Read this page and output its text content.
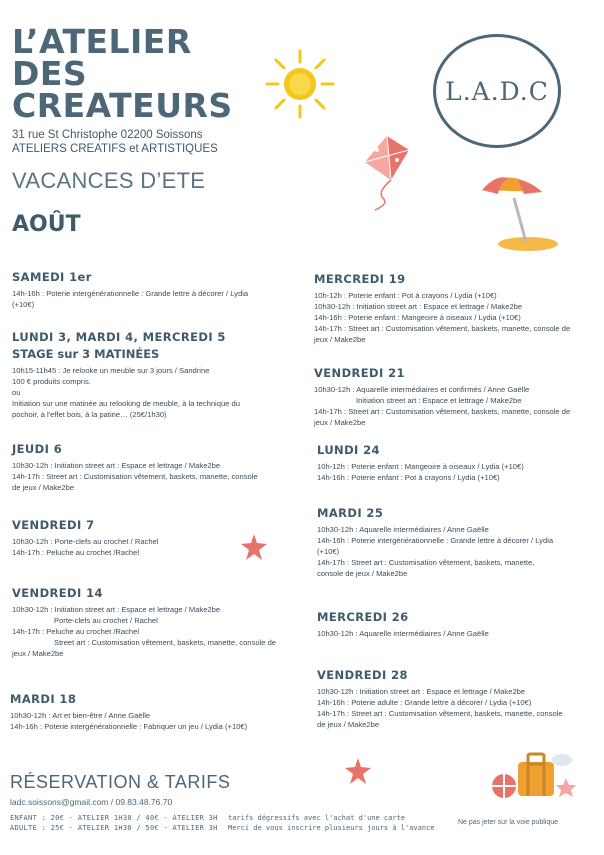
L’ATELIER
DES
CREATEURS
31 rue St Christophe 02200 Soissons
ATELIERS CREATIFS et ARTISTIQUES
VACANCES D’ETE
AOÛT
L.A.D.C
SAMEDI 1er
14h-16h : Poterie intergénérationnelle : Grande lettre à décorer / Lydia
(+10€)
LUNDI 3, MARDI 4, MERCREDI 5
STAGE sur 3 MATINÉES
10h15-11h45 : Je relooke un meuble sur 3 jours / Sandrine
100 € produits compris.
ou
Initiation sur une matinée au relooking de meuble, à la technique du
pochoir, à l'effet bois, à la patine… (25€/1h30)
JEUDI 6
10h30-12h : Initiation street art : Espace et lettrage / Make2be
14h-17h : Street art : Customisation vêtement, baskets, manette, console
de jeux / Make2be
VENDREDI 7
10h30-12h : Porte-clefs au crochet / Rachel
14h-17h : Peluche au crochet /Rachel
VENDREDI 14
10h30-12h : Initiation street art : Espace et lettrage / Make2be
Porte-clefs au crochet / Rachel
14h-17h : Peluche au crochet /Rachel
Street art : Customisation vêtement, baskets, manette, console de
jeux / Make2be
MARDI 18
10h30-12h : Art et bien-être / Anne Gaëlle
14h-16h : Poterie intergénérationnelle : Fabriquer un jeu / Lydia (+10€)
MERCREDI 19
10h-12h : Poterie enfant : Pot à crayons / Lydia (+10€)
10h30-12h : Initiation street art : Espace et lettrage / Make2be
14h-16h : Poterie enfant : Mangeoire à oiseaux / Lydia (+10€)
14h-17h : Street art : Customisation vêtement, baskets, manette, console de
jeux / Make2be
VENDREDI 21
10h30-12h : Aquarelle intermédiaires et confirmés / Anne Gaëlle
Initiation street art : Espace et lettrage / Make2be
14h-17h : Street art : Customisation vêtement, baskets, manette, console de
jeux / Make2be
LUNDI 24
10h-12h : Poterie enfant : Mangeoire à oiseaux / Lydia (+10€)
14h-16h : Poterie enfant : Pot à crayons / Lydia (+10€)
MARDI 25
10h30-12h : Aquarelle intermédiaires / Anne Gaëlle
14h-16h : Poterie intergénérationnelle : Grande lettre à décorer / Lydia
(+10€)
14h-17h : Street art : Customisation vêtement, baskets, manette,
console de jeux / Make2be
MERCREDI 26
10h30-12h : Aquarelle intermédiaires / Anne Gaëlle
VENDREDI 28
10h30-12h : Initiation street art : Espace et lettrage / Make2be
14h-16h : Poterie adulte : Grande lettre à décorer / Lydia (+10€)
14h-17h : Street art : Customisation vêtement, baskets, manette, console
de jeux / Make2be
RÉSERVATION & TARIFS
ladc.soissons@gmail.com / 09.83.48.76.70
ENFANT : 20€ - ATELIER 1H30 / 40€ - ATELIER 3H
ADULTE : 25€ - ATELIER 1H30 / 50€ - ATELIER 3H
tarifs dégressifs avec l'achat d'une carte
Merci de vous inscrire plusieurs jours à l'avance
Ne pas jeter sur la voie publique
